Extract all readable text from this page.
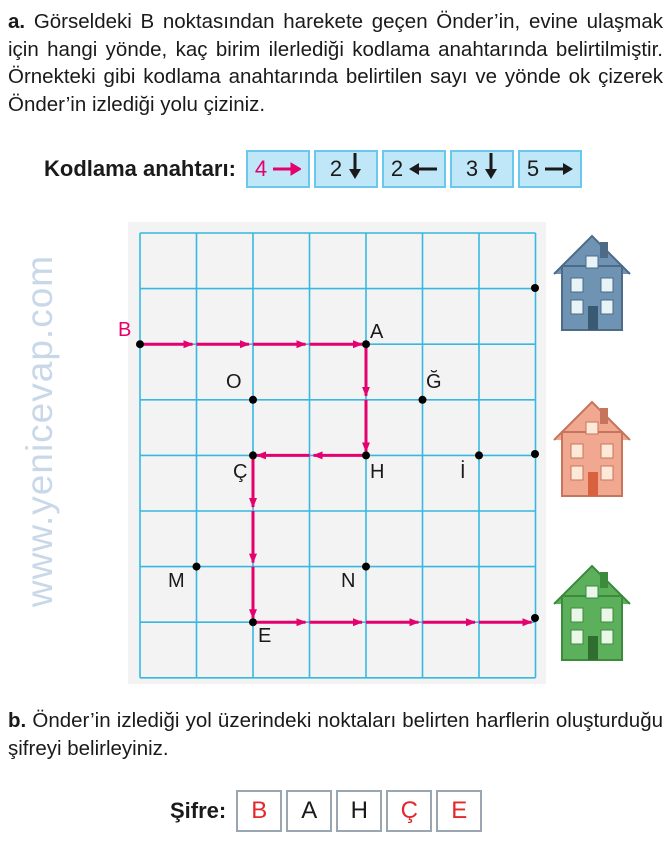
a. Görseldeki B noktasından harekete geçen Önder’in, evine ulaşmak için hangi yönde, kaç birim ilerlediği kodlama anahtarında belirtilmiştir. Örnekteki gibi kodlama anahtarında belirtilen sayı ve yönde ok çizerek Önder’in izlediği yolu çiziniz.
Kodlama anahtarı: 4	2 2	3 5
www.yenicevap.com	B	A
O	Ğ
Ç	H	İ
M	N
E
b. Önder’in izlediği yol üzerindeki noktaları belirten harflerin oluşturduğu şifreyi belirleyiniz.
Şifre:	B	A	H	Ç	E
